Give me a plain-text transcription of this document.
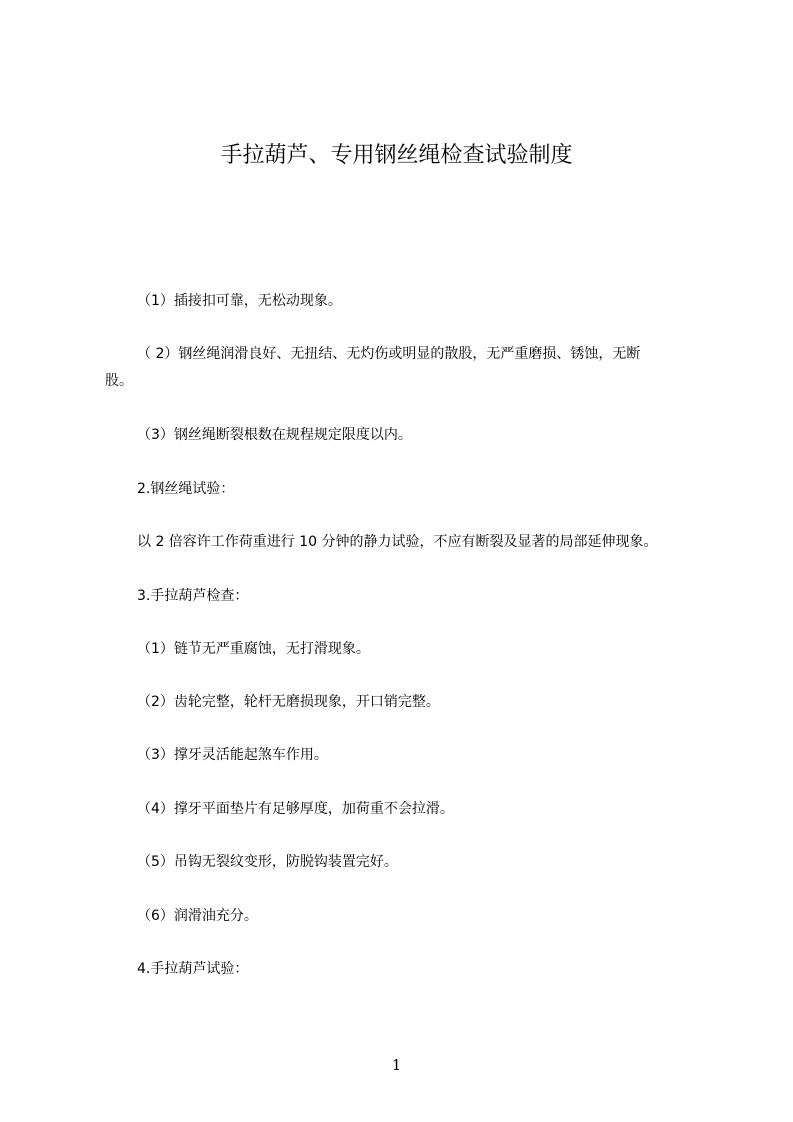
手拉葫芦、专用钢丝绳检查试验制度
（1）插接扣可靠，无松动现象。
（ 2）钢丝绳润滑良好、无扭结、无灼伤或明显的散股，无严重磨损、锈蚀，无断
股。
（3）钢丝绳断裂根数在规程规定限度以内。
2.钢丝绳试验：
以 2 倍容许工作荷重进行 10 分钟的静力试验，不应有断裂及显著的局部延伸现象。
3.手拉葫芦检查：
（1）链节无严重腐蚀，无打滑现象。
（2）齿轮完整，轮杆无磨损现象，开口销完整。
（3）撑牙灵活能起煞车作用。
（4）撑牙平面垫片有足够厚度，加荷重不会拉滑。
（5）吊钩无裂纹变形，防脱钩装置完好。
（6）润滑油充分。
4.手拉葫芦试验：
1
